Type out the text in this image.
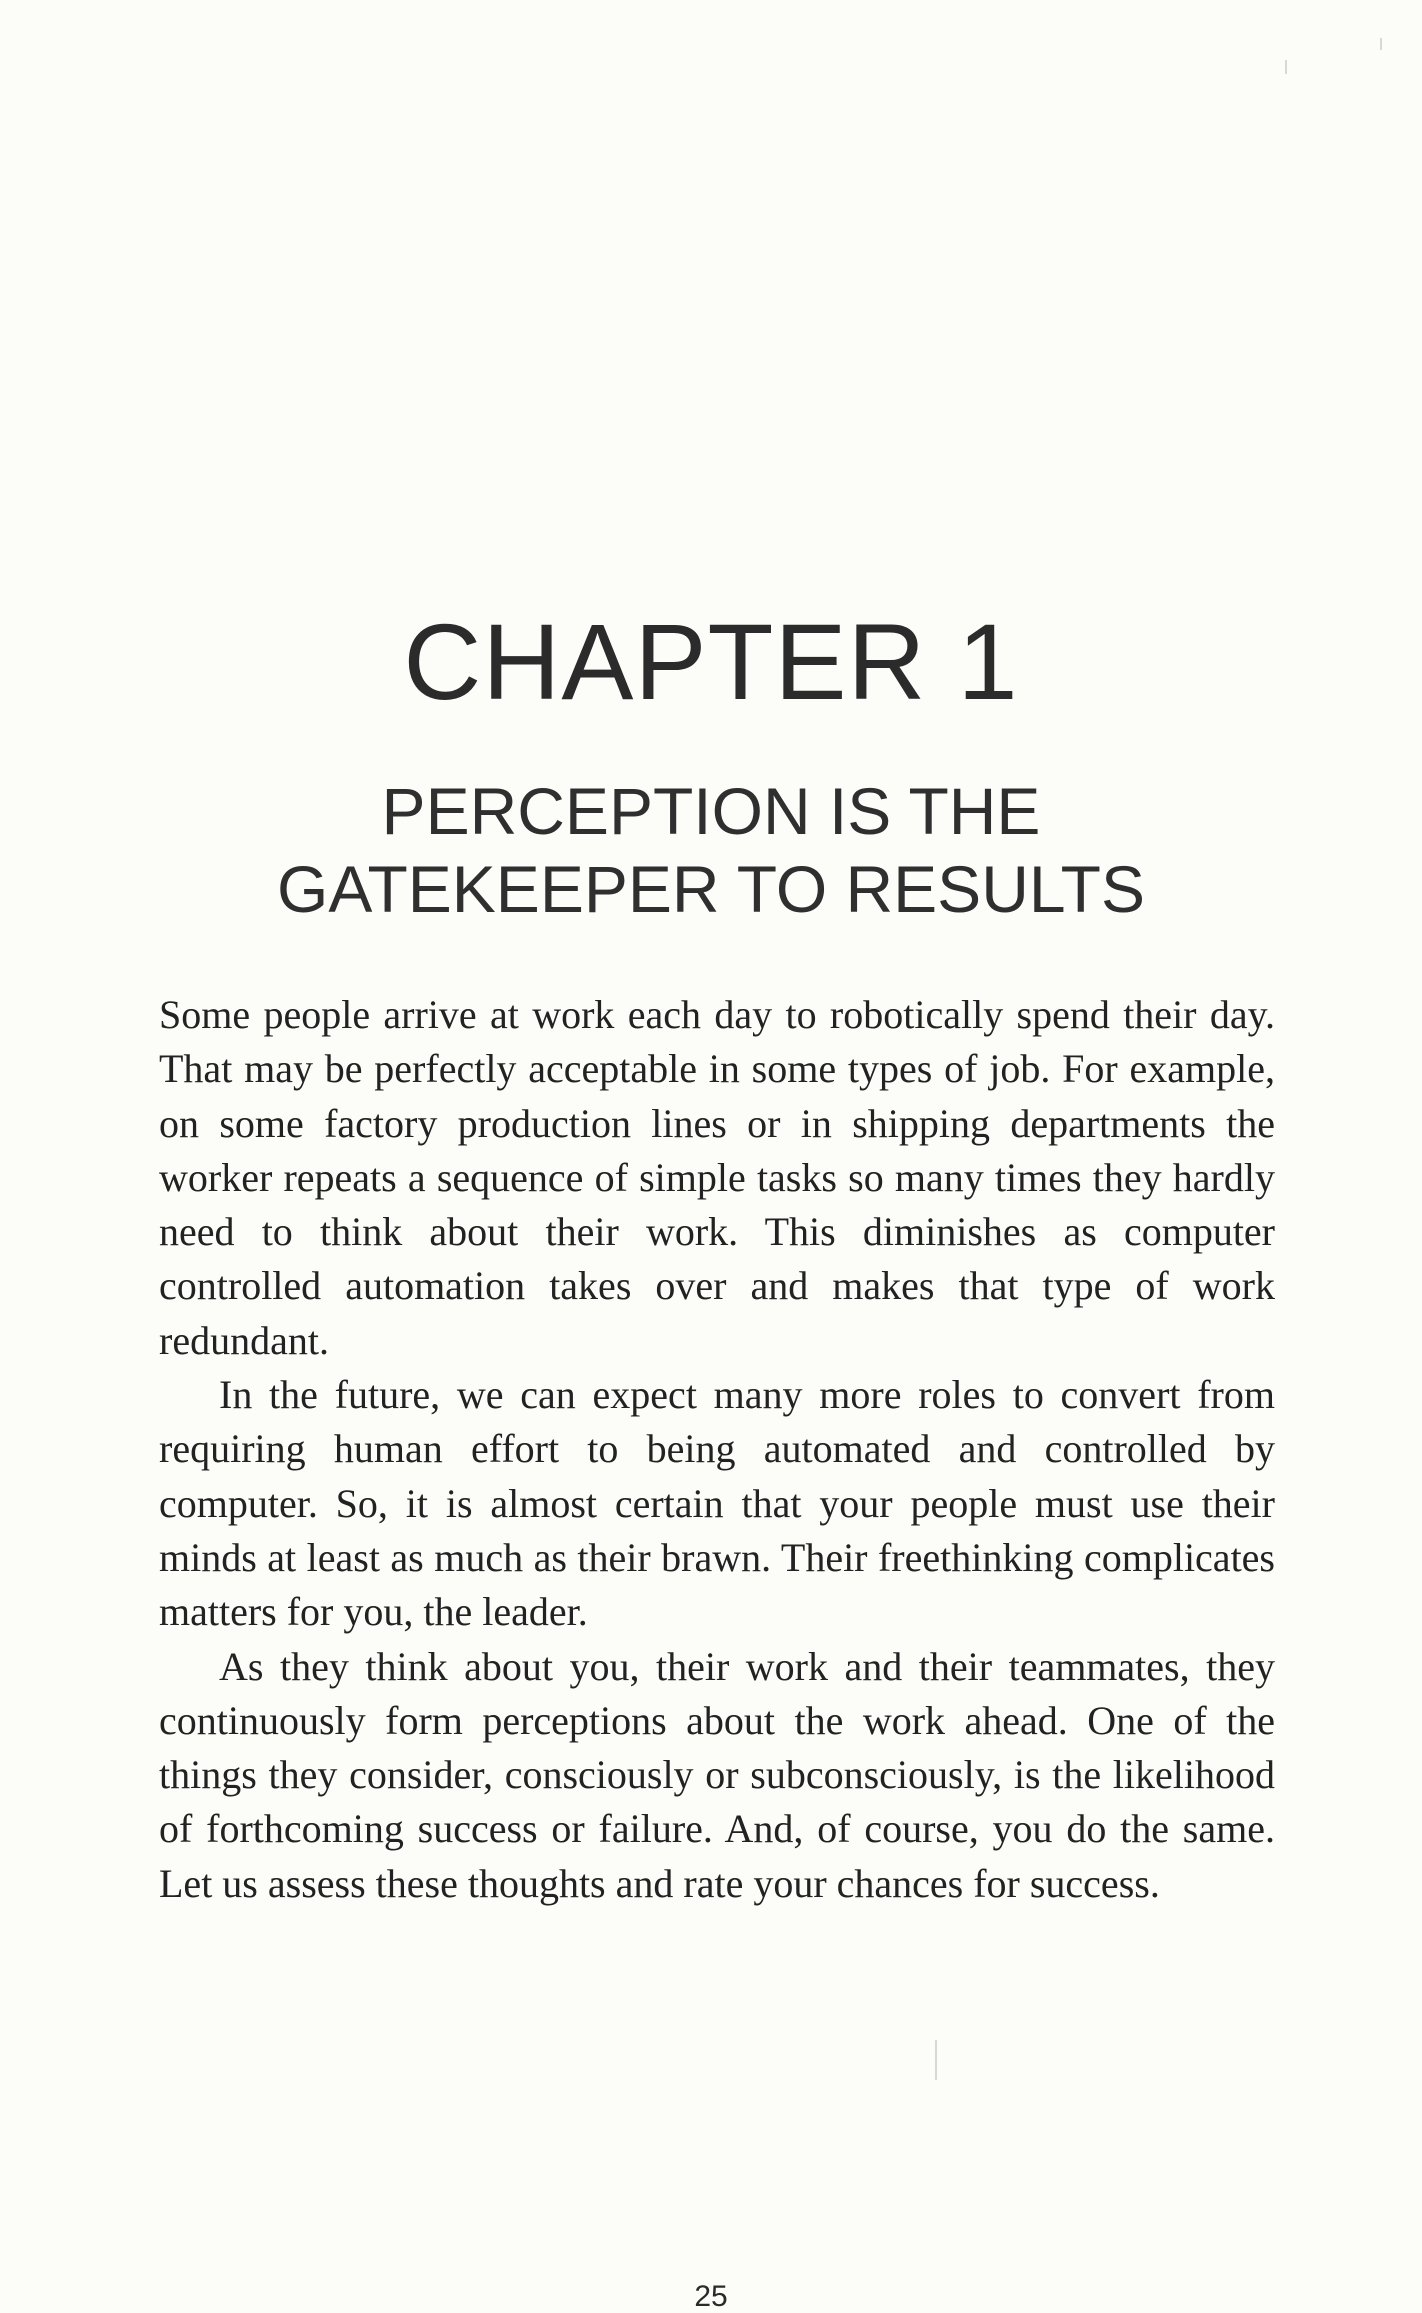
CHAPTER 1
PERCEPTION IS THE
GATEKEEPER TO RESULTS

Some people arrive at work each day to robotically spend their day. That may be perfectly acceptable in some types of job. For example, on some factory production lines or in shipping departments the worker repeats a sequence of simple tasks so many times they hardly need to think about their work. This diminishes as computer controlled automation takes over and makes that type of work redundant.

In the future, we can expect many more roles to convert from requiring human effort to being automated and controlled by computer. So, it is almost certain that your people must use their minds at least as much as their brawn. Their freethinking complicates matters for you, the leader.

As they think about you, their work and their teammates, they continuously form perceptions about the work ahead. One of the things they consider, consciously or subconsciously, is the likelihood of forthcoming success or failure. And, of course, you do the same. Let us assess these thoughts and rate your chances for success.

25
